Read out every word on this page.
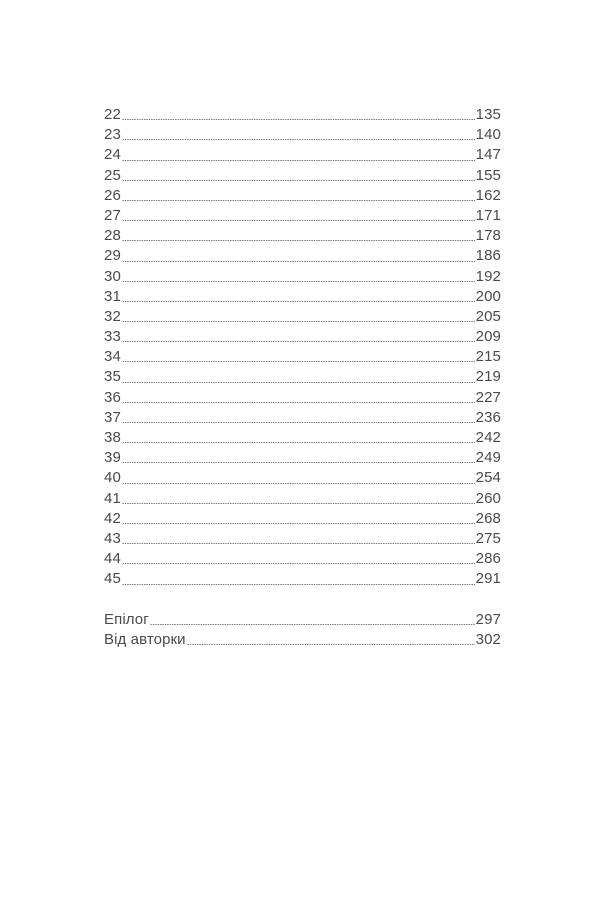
22	135
23	140
24	147
25	155
26	162
27	171
28	178
29	186
30	192
31	200
32	205
33	209
34	215
35	219
36	227
37	236
38	242
39	249
40	254
41	260
42	268
43	275
44	286
45	291
Епілог	297
Від авторки	302
